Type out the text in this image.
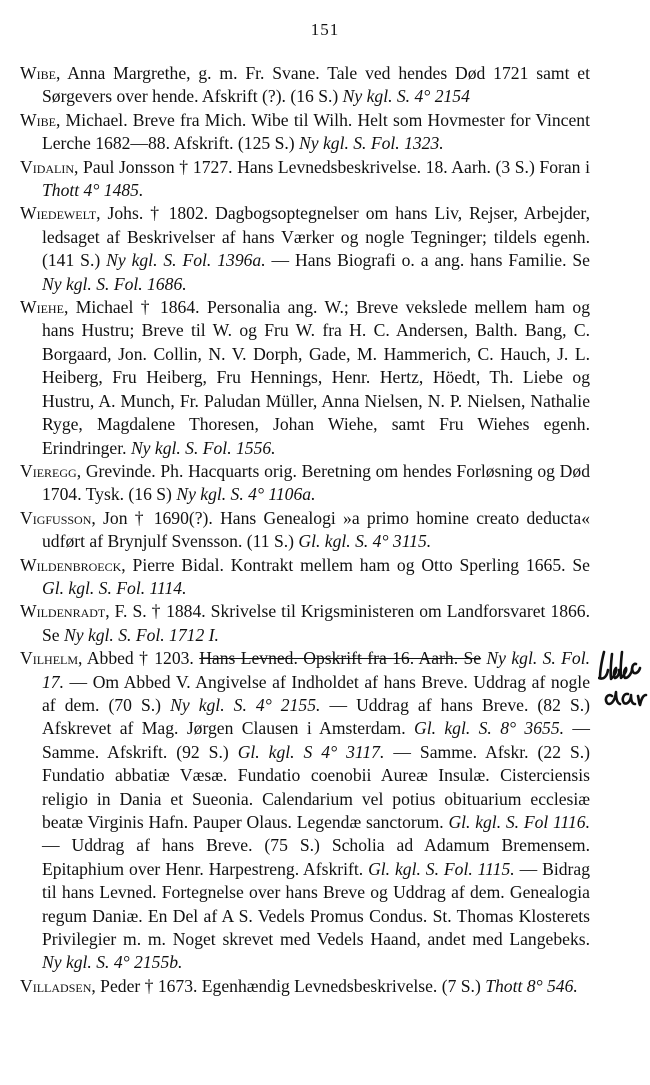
151

Wibe, Anna Margrethe, g. m. Fr. Svane. Tale ved hendes Død 1721 samt et Sørgevers over hende. Afskrift (?). (16 S.) Ny kgl. S. 4° 2154

Wibe, Michael. Breve fra Mich. Wibe til Wilh. Helt som Hovmester for Vincent Lerche 1682—88. Afskrift. (125 S.) Ny kgl. S. Fol. 1323.

Vidalin, Paul Jonsson † 1727. Hans Levnedsbeskrivelse. 18. Aarh. (3 S.) Foran i Thott 4° 1485.

Wiedewelt, Johs. † 1802. Dagbogsoptegnelser om hans Liv, Rejser, Arbejder, ledsaget af Beskrivelser af hans Værker og nogle Tegninger; tildels egenh. (141 S.) Ny kgl. S. Fol. 1396a. — Hans Biografi o. a ang. hans Familie. Se Ny kgl. S. Fol. 1686.

Wiehe, Michael † 1864. Personalia ang. W.; Breve vekslede mellem ham og hans Hustru; Breve til W. og Fru W. fra H. C. Andersen, Balth. Bang, C. Borgaard, Jon. Collin, N. V. Dorph, Gade, M. Hammerich, C. Hauch, J. L. Heiberg, Fru Heiberg, Fru Hennings, Henr. Hertz, Höedt, Th. Liebe og Hustru, A. Munch, Fr. Paludan Müller, Anna Nielsen, N. P. Nielsen, Nathalie Ryge, Magdalene Thoresen, Johan Wiehe, samt Fru Wiehes egenh. Erindringer. Ny kgl. S. Fol. 1556.

Vieregg, Grevinde. Ph. Hacquarts orig. Beretning om hendes Forløsning og Død 1704. Tysk. (16 S) Ny kgl. S. 4° 1106a.

Vigfusson, Jon † 1690(?). Hans Genealogi »a primo homine creato deducta« udført af Brynjulf Svensson. (11 S.) Gl. kgl. S. 4° 3115.

Wildenbroeck, Pierre Bidal. Kontrakt mellem ham og Otto Sperling 1665. Se Gl. kgl. S. Fol. 1114.

Wildenradt, F. S. † 1884. Skrivelse til Krigsministeren om Landforsvaret 1866. Se Ny kgl. S. Fol. 1712 I.

Vilhelm, Abbed † 1203. Hans Levned. Opskrift fra 16. Aarh. Se Ny kgl. S. Fol. 17. — Om Abbed V. Angivelse af Indholdet af hans Breve. Uddrag af nogle af dem. (70 S.) Ny kgl. S. 4° 2155. — Uddrag af hans Breve. (82 S.) Afskrevet af Mag. Jørgen Clausen i Amsterdam. Gl. kgl. S. 8° 3655. — Samme. Afskrift. (92 S.) Gl. kgl. S 4° 3117. — Samme. Afskr. (22 S.) Fundatio abbatiæ Væsæ. Fundatio coenobii Aureæ Insulæ. Cisterciensis religio in Dania et Sueonia. Calendarium vel potius obituarium ecclesiæ beatæ Virginis Hafn. Pauper Olaus. Legendæ sanctorum. Gl. kgl. S. Fol 1116. — Uddrag af hans Breve. (75 S.) Scholia ad Adamum Bremensem. Epitaphium over Henr. Harpestreng. Afskrift. Gl. kgl. S. Fol. 1115. — Bidrag til hans Levned. Fortegnelse over hans Breve og Uddrag af dem. Genealogia regum Daniæ. En Del af A S. Vedels Promus Condus. St. Thomas Klosterets Privilegier m. m. Noget skrevet med Vedels Haand, andet med Langebeks. Ny kgl. S. 4° 2155b.

Villadsen, Peder † 1673. Egenhændig Levnedsbeskrivelse. (7 S.) Thott 8° 546.
